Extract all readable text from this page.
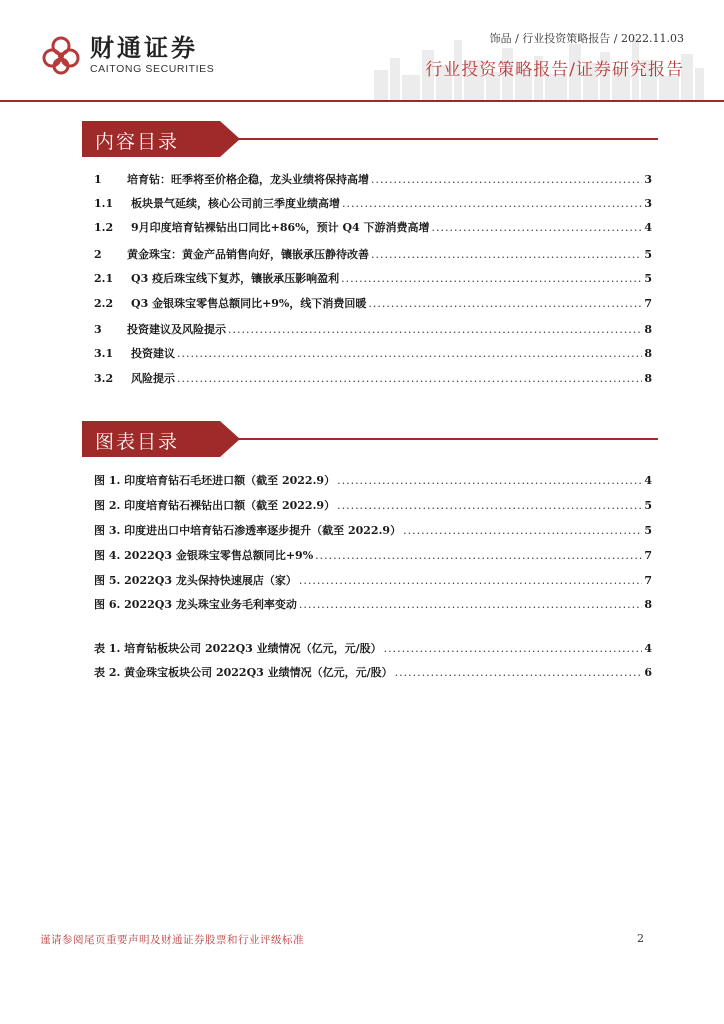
财通证券
CAITONG SECURITIES
饰品 / 行业投资策略报告 / 2022.11.03
行业投资策略报告/证券研究报告
内容目录
1	培育钻：旺季将至价格企稳，龙头业绩将保持高增 .....	3
1.1	板块景气延续，核心公司前三季度业绩高增 .....	3
1.2	9月印度培育钻裸钻出口同比+86%，预计 Q4 下游消费高增 .....	4
2	黄金珠宝：黄金产品销售向好，镶嵌承压静待改善 .....	5
2.1	Q3 疫后珠宝线下复苏，镶嵌承压影响盈利 .....	5
2.2	Q3 金银珠宝零售总额同比+9%，线下消费回暖 .....	7
3	投资建议及风险提示 .....	8
3.1	投资建议 .....	8
3.2	风险提示 .....	8
图表目录
图 1. 印度培育钻石毛坯进口额（截至 2022.9） .....	4
图 2. 印度培育钻石裸钻出口额（截至 2022.9） .....	5
图 3. 印度进出口中培育钻石渗透率逐步提升（截至 2022.9） .....	5
图 4. 2022Q3 金银珠宝零售总额同比+9% .....	7
图 5. 2022Q3 龙头保持快速展店（家） .....	7
图 6. 2022Q3 龙头珠宝业务毛利率变动 .....	8
表 1. 培育钻板块公司 2022Q3 业绩情况（亿元，元/股） .....	4
表 2. 黄金珠宝板块公司 2022Q3 业绩情况（亿元，元/股） .....	6
谨请参阅尾页重要声明及财通证券股票和行业评级标准	2
